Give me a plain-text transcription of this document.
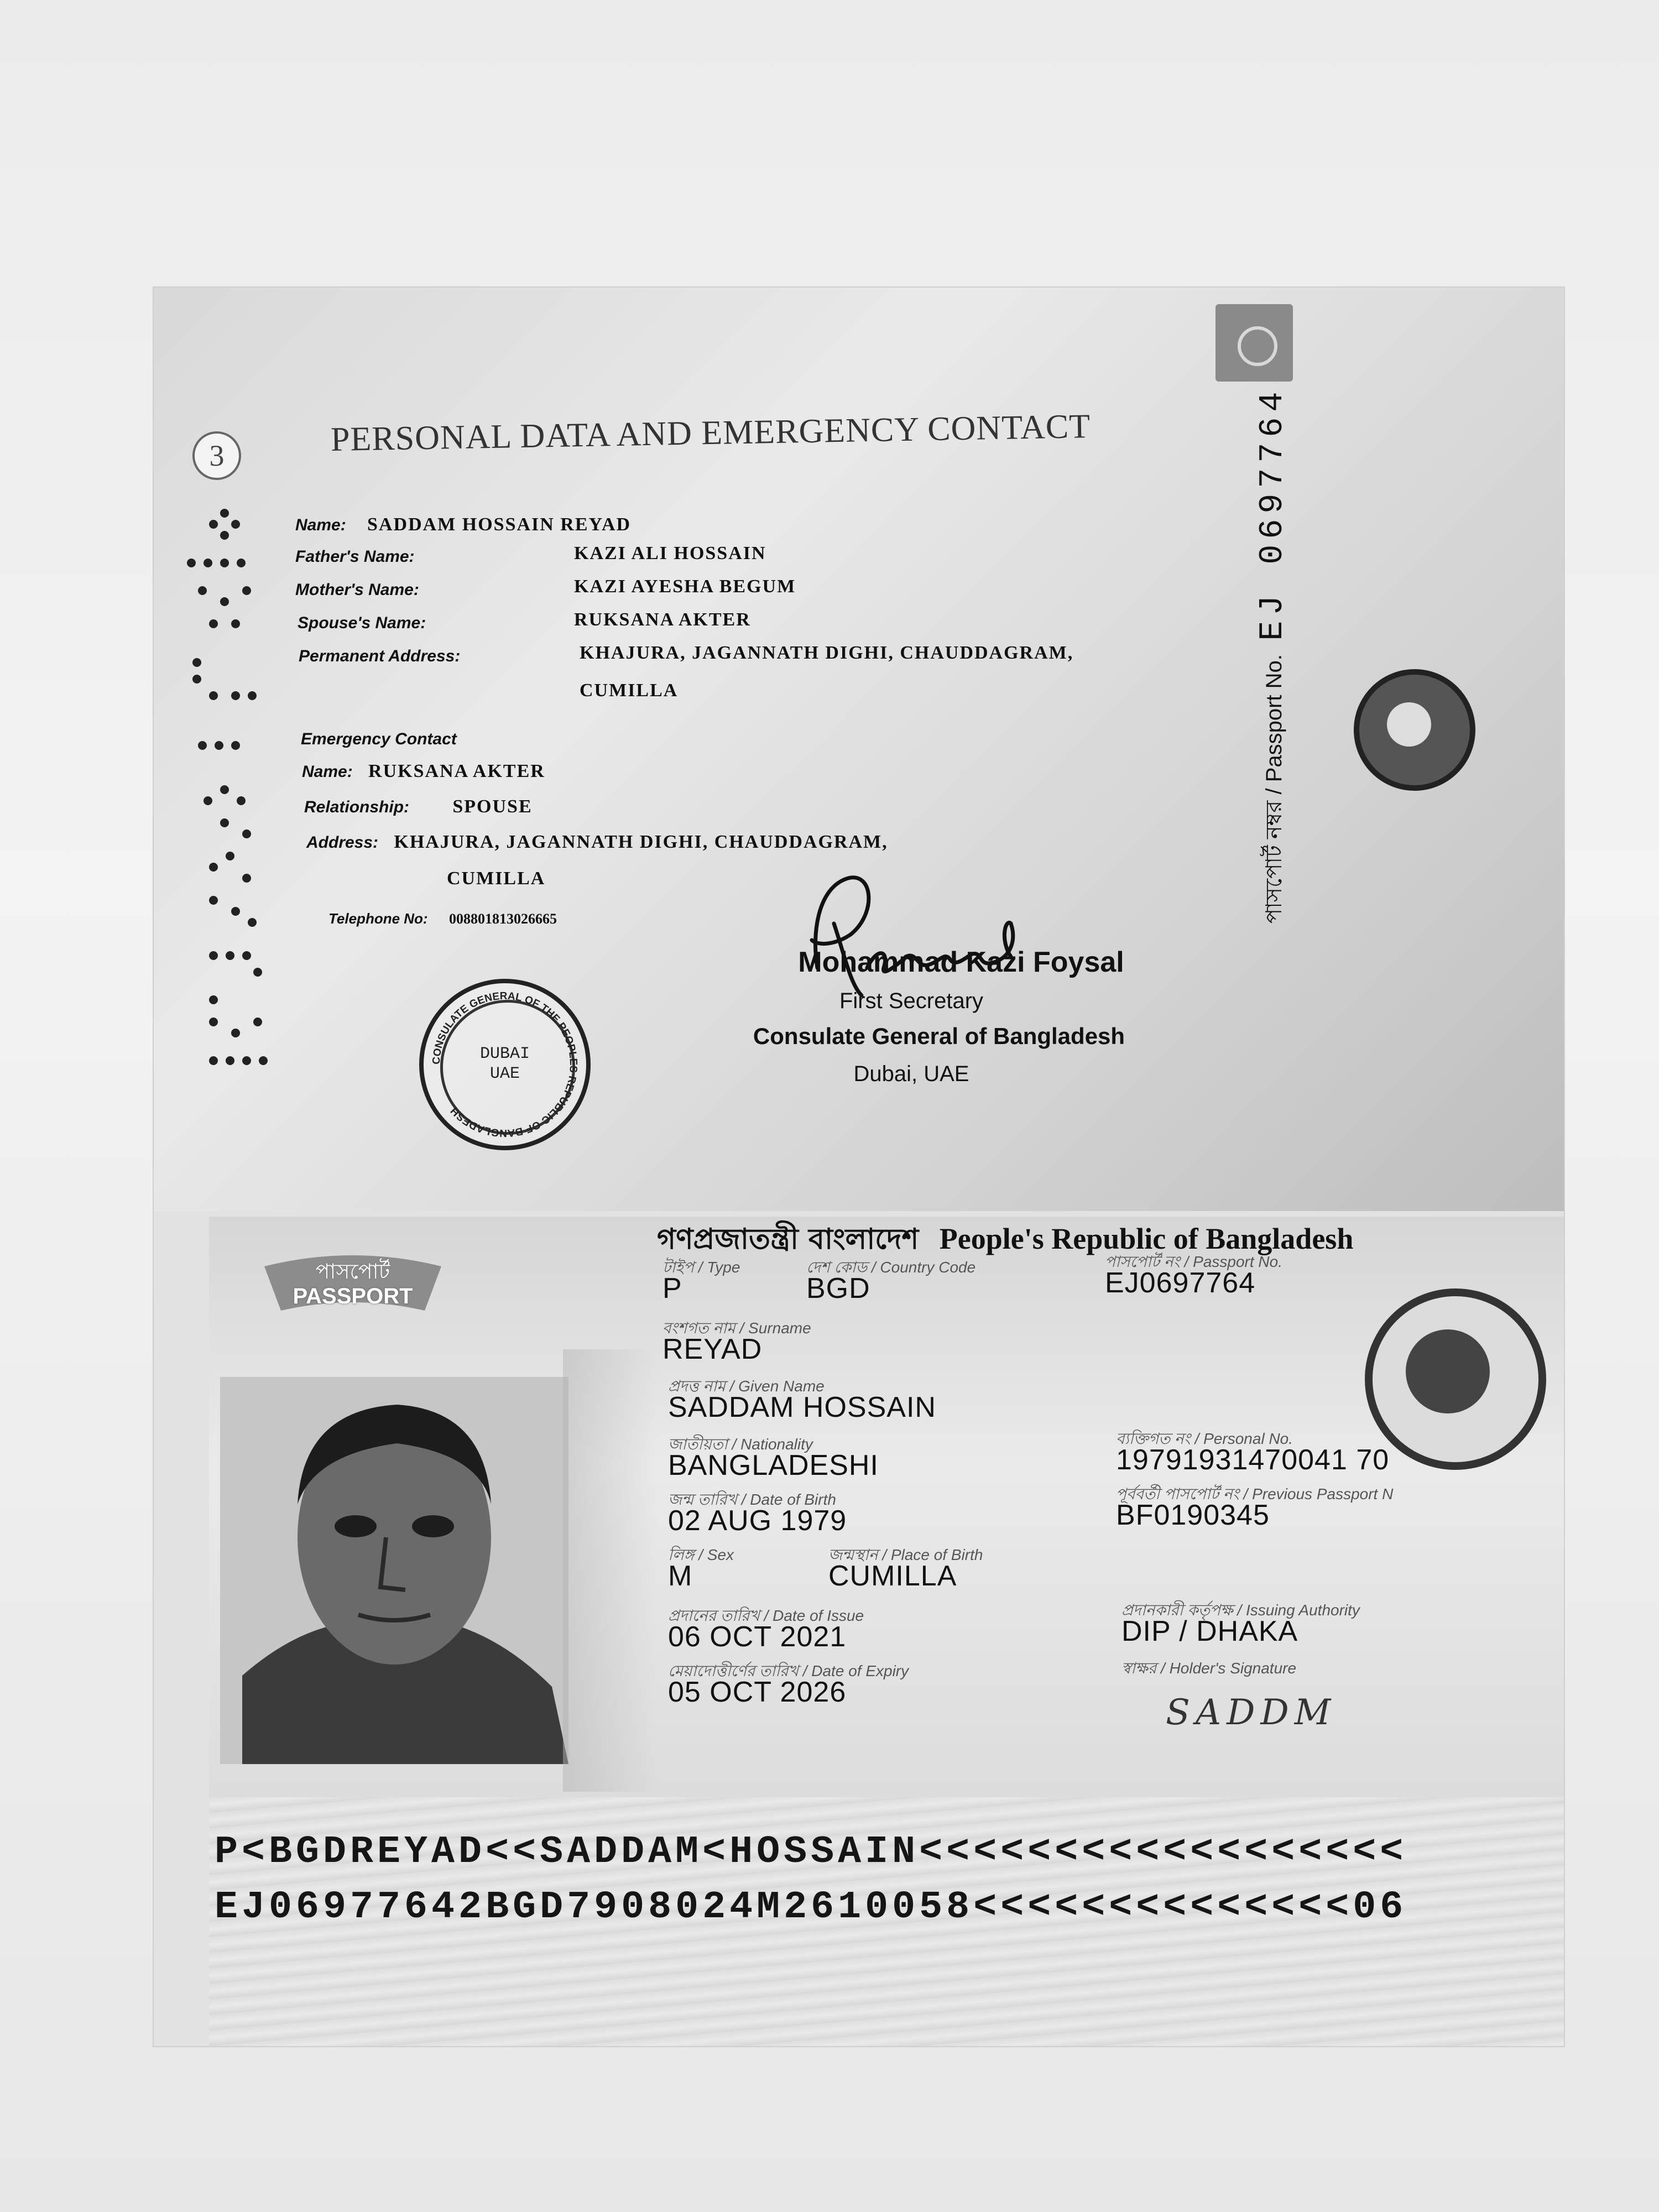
3	PERSONAL DATA AND EMERGENCY CONTACT
Name: SADDAM HOSSAIN REYAD
Father's Name:	KAZI ALI HOSSAIN
Mother's Name:	KAZI AYESHA BEGUM
Spouse's Name:	RUKSANA AKTER
Permanent Address:	KHAJURA, JAGANNATH DIGHI, CHAUDDAGRAM,
CUMILLA
Emergency Contact
Name: RUKSANA AKTER
Relationship: SPOUSE
Address: KHAJURA, JAGANNATH DIGHI, CHAUDDAGRAM,
CUMILLA
Telephone No: 008801813026665	পাসপোর্ট নম্বর / Passport No. EJ 0697764
CONSULATE GENERAL OF THE PEOPLES REPUBLIC OF BANGLADESH
DUBAI
UAE
Mohammad Kazi Foysal
First Secretary
Consulate General of Bangladesh
Dubai, UAE
পাসপোর্ট
PASSPORT
গণপ্রজাতন্ত্রী বাংলাদেশ People's Republic of Bangladesh
টাইপ / Type
P
দেশ কোড / Country Code
BGD
পাসপোর্ট নং / Passport No.
EJ0697764
বংশগত নাম / Surname
REYAD
প্রদত্ত নাম / Given Name
SADDAM HOSSAIN
জাতীয়তা / Nationality
BANGLADESHI
ব্যক্তিগত নং / Personal No.
19791931470041 70
জন্ম তারিখ / Date of Birth
02 AUG 1979
পূর্ববর্তী পাসপোর্ট নং / Previous Passport N
BF0190345
লিঙ্গ / Sex
M
জন্মস্থান / Place of Birth
CUMILLA
প্রদানের তারিখ / Date of Issue
06 OCT 2021
প্রদানকারী কর্তৃপক্ষ / Issuing Authority
DIP / DHAKA
মেয়াদোত্তীর্ণের তারিখ / Date of Expiry
05 OCT 2026
স্বাক্ষর / Holder's Signature
SADDM
P<BGDREYAD<<SADDAM<HOSSAIN<<<<<<<<<<<<<<<<<<
EJ06977642BGD7908024M2610058<<<<<<<<<<<<<<06
